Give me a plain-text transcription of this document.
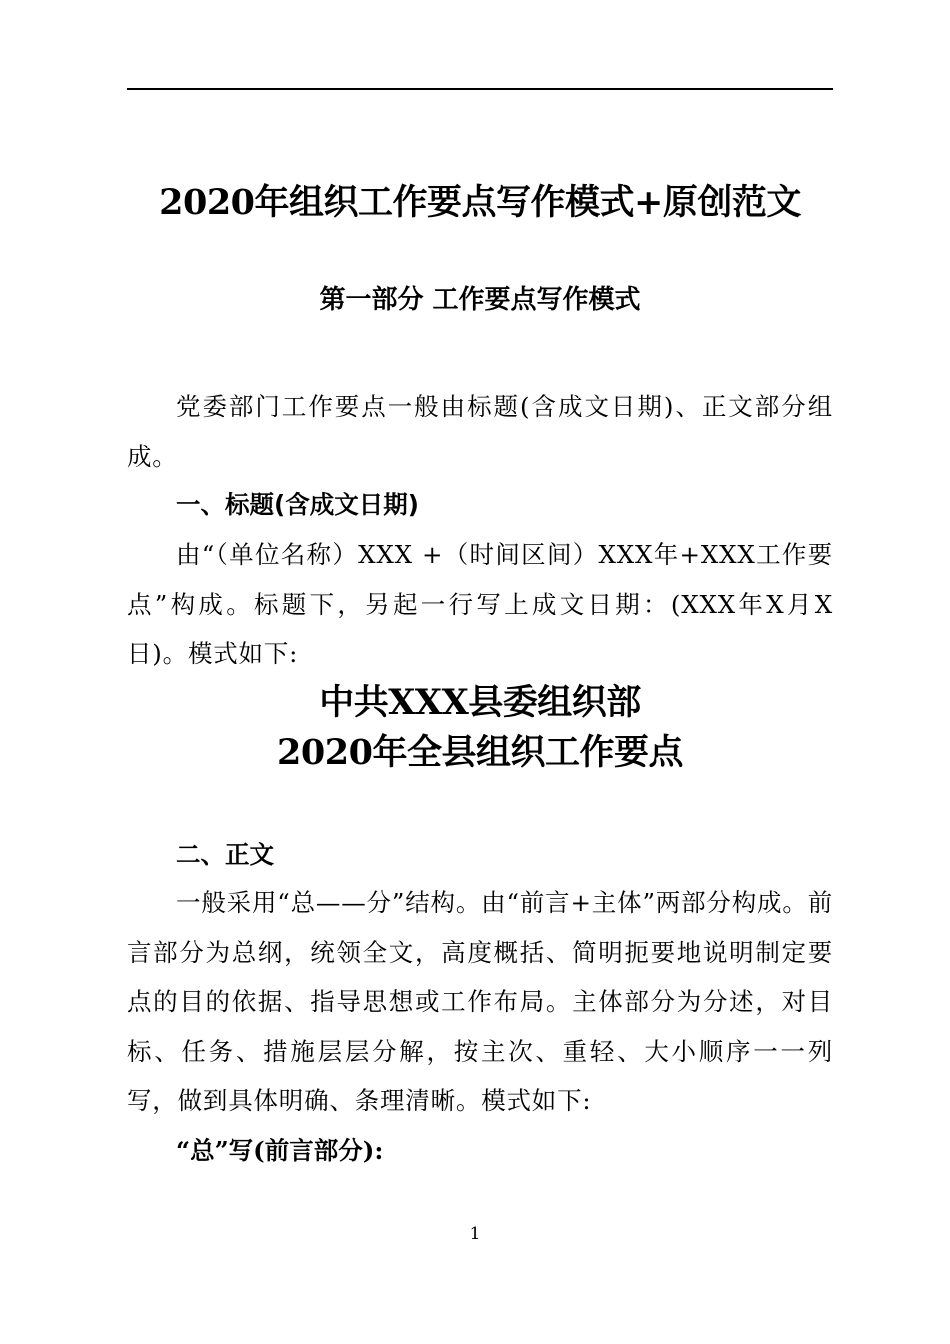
2020年组织工作要点写作模式+原创范文
第一部分 工作要点写作模式

党委部门工作要点一般由标题(含成文日期)、正文部分组成。

一、标题(含成文日期)

由“（单位名称）XXX +（时间区间）XXX年+XXX工作要点”构成。标题下，另起一行写上成文日期：(XXX年X月X日)。模式如下:

中共XXX县委组织部
2020年全县组织工作要点

二、正文

一般采用“总——分”结构。由“前言+主体”两部分构成。前言部分为总纲，统领全文，高度概括、简明扼要地说明制定要点的目的依据、指导思想或工作布局。主体部分为分述，对目标、任务、措施层层分解，按主次、重轻、大小顺序一一列写，做到具体明确、条理清晰。模式如下:

“总”写(前言部分):

1
